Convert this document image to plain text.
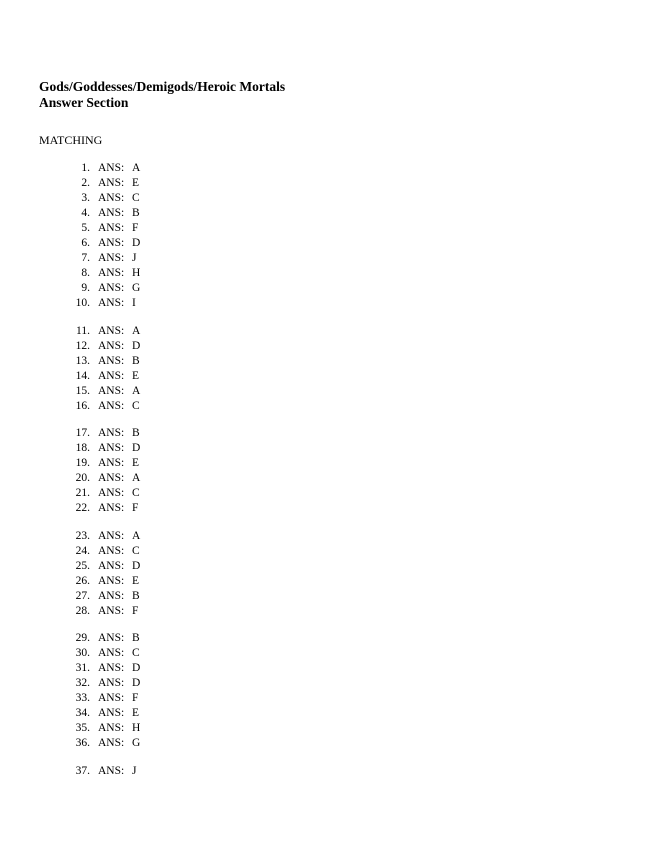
Gods/Goddesses/Demigods/Heroic Mortals
Answer Section
MATCHING
1. ANS: A
2. ANS: E
3. ANS: C
4. ANS: B
5. ANS: F
6. ANS: D
7. ANS: J
8. ANS: H
9. ANS: G
10. ANS: I
11. ANS: A
12. ANS: D
13. ANS: B
14. ANS: E
15. ANS: A
16. ANS: C
17. ANS: B
18. ANS: D
19. ANS: E
20. ANS: A
21. ANS: C
22. ANS: F
23. ANS: A
24. ANS: C
25. ANS: D
26. ANS: E
27. ANS: B
28. ANS: F
29. ANS: B
30. ANS: C
31. ANS: D
32. ANS: D
33. ANS: F
34. ANS: E
35. ANS: H
36. ANS: G
37. ANS: J
